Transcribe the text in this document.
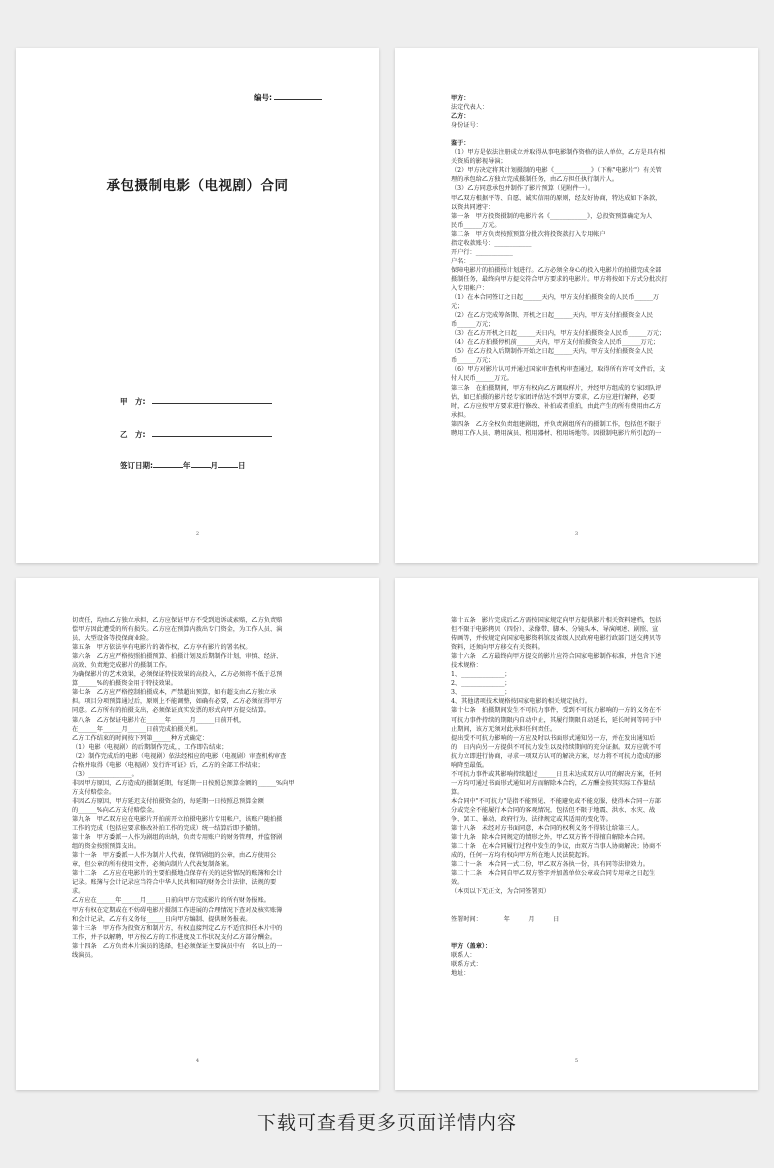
编号:
承包摄制电影（电视剧）合同
甲　方:
乙　方:
签订日期:	年	月	日
2
甲方：
法定代表人：
乙方：
身份证号：

鉴于：
（1）甲方是依法注册成立并取得从事电影制作资格的法人单位，乙方是具有相
关资质的影视导演；
（2）甲方决定将其计划摄制的电影《____________》（下称"电影片"）有关管
理的承包给乙方独立完成摄制任务，由乙方担任执行制片人。
（3）乙方同意承包并制作了影片预算（见附件一）。
甲乙双方根据平等、自愿、诚实信用的原则，经友好协商，特达成如下条款，
以资共同遵守：
第一条　甲方投资摄制的电影片名《____________》，总投资预算确定为人
民币______万元。
第二条　甲方负责按照预算分批次将投资款打入专用帐户
指定收款账号：____________
开户行：____________
户名：____________
保障电影片的拍摄按计划进行。乙方必须全身心的投入电影片的拍摄完成全部
摄制任务，最终向甲方提交符合甲方要求的电影片。甲方将按如下方式分批次打
入专用帐户：
（1）在本合同签订之日起______天内，甲方支付拍摄资金的人民币______万
元；
（2）在乙方完成筹备期、开机之日起______天内，甲方支付拍摄资金人民
币______万元；
（3）在乙方开机之日起______天日内，甲方支付拍摄资金人民币______万元；
（4）在乙方拍摄停机前______天内，甲方支付拍摄资金人民币______万元；
（5）在乙方投入后期制作开始之日起______天内，甲方支付拍摄资金人民
币______万元；
（6）甲方对影片认可并通过国家审查机构审查通过，取得所有许可文件后，支
付人民币______万元。
第三条　在拍摄期间，甲方有权向乙方调取样片，并经甲方组成的专家团队评
估，如已拍摄的影片经专家团评估达不到甲方要求，乙方应进行解释，必要
时，乙方应按甲方要求进行修改、补拍或者重拍，由此产生的所有费用由乙方
承担。
第四条　乙方全权负责组建剧组，并负责剧组所有的摄制工作，包括但不限于
聘用工作人员、聘用演员、租用器材、租用场地等。因摄制电影片所引起的一
3
切责任，均由乙方独立承担，乙方应保证甲方不受到追诉或索赔，乙方负责赔
偿甲方因此遭受的所有损失。乙方应在预算内拨出专门资金，为工作人员、演
员、大型设备等投保商业险。
第五条　甲方依法享有电影片的著作权，乙方享有影片的署名权。
第六条　乙方应严格按照拍摄预算、拍摄计划及后期制作计划，审慎、经济、
高效、负责地完成影片的摄制工作。
为确保影片的艺术效果，必须保证特技效果的高投入，乙方必须将不低于总预
算______%的拍摄资金用于特技效果。
第七条　乙方应严格控制拍摄成本，严禁超出预算，如有超支由乙方独立承
担。项目分项预算通过后，原则上不能调整，如确有必要，乙方必须征得甲方
同意。乙方所有的拍摄支出，必须保证真实发票的形式向甲方提交结算。
第八条　乙方保证电影片在______年______月______日前开机，
在______年______月______日前完成拍摄关机。
乙方工作结束的时间按下列第______种方式确定：
（1）电影（电视剧）的后期制作完成，，工作即告结束；
（2）制作完成后的电影（电视剧）依法经相应的电影（电视剧）审查机构审查
合格并取得《电影（电视剧）发行许可证》后，乙方的全部工作结束；
（3）______________。
非因甲方原因，乙方造成的摄制延期，每延期一日按照总预算金额的______%向甲
方支付赔偿金。
非因乙方原因，甲方延迟支付拍摄资金的，每延期一日按照总预算金额
的______%向乙方支付赔偿金。
第九条　甲乙双方应在电影片开拍前开立拍摄电影片专用帐户，该账户随拍摄
工作的完成（包括应要求修改补拍工作的完成）统一结算后即予撤销。
第十条　甲方委派一人作为剧组的出纳，负责专用账户的财务管理，并监督剧
组的资金按照预算支出。
第十一条　甲方委派一人作为制片人代表，保管剧组的公章，由乙方使用公
章，但公章的所有使用文件，必须向制片人代表复制备案。
第十二条　乙方应在电影片的主要拍摄地点保存有关的运营情况的账簿和会计
记录。账簿与会计记录应当符合中华人民共和国的财务会计法律、法规的要
求。
乙方应在______年______月______日前向甲方完成影片的所有财务报账。
甲方有权在定期或在不妨碍电影片摄制工作进展的合理情况下查对及核实账簿
和会计记录，乙方有义务每______日向甲方编制、提供财务报表。
第十三条　甲方作为投资方和制片方，有权直接判定乙方不适宜担任本片中的
工作，并予以解聘，甲方按乙方的工作进度及工作状况支付乙方部分酬金。
第十四条　乙方负责本片演员的选择，但必须保证主要演员中有　名以上的一
线演员。
4
第十五条　影片完成后乙方需按国家规定向甲方提供影片相关资料建档，包括
但不限于电影拷贝（四份）、录像带、脚本、分镜头本、导演阐述、剧照、宣
传画等，并按规定向国家电影资料馆及省级人民政府电影行政部门送交拷贝等
资料，还须向甲方移交有关资料。
第十六条　乙方最终向甲方提交的影片应符合国家电影制作标准，并包含下述
技术规格：
1、______________；
2、______________；
3、______________；
4、其他诸项技术规格按国家电影的相关规定执行。
第十七条　拍摄期间发生不可抗力事件，受到不可抗力影响的一方的义务在不
可抗力事件持续的期限内自动中止，其履行期限自动延长，延长时间等同于中
止期间，该方无须对此承担任何责任。
提出受不可抗力影响的一方应及时以书面形式通知另一方，并在发出通知后
的　日内向另一方提供不可抗力发生以及持续期间的充分证据。双方应就不可
抗力立即进行协商，寻求一项双方认可的解决方案，尽力将不可抗力造成的影
响降至最低。
不可抗力事件或其影响持续超过______日且未达成双方认可的解决方案，任何
一方均可通过书面形式通知对方而解除本合约，乙方酬金按其实际工作量结
算。
本合同中"不可抗力"是指不能预见、不能避免或不能克服，使得本合同一方部
分或完全不能履行本合同的客观情况，包括但不限于地震、洪水、水灾、战
争、罢工、暴动、政府行为、法律规定或其适用的变化等。
第十八条　未经对方书面同意，本合同的权利义务不得转让给第三人。
第十九条　除本合同规定的情形之外，甲乙双方皆不得擅自解除本合同。
第二十条　在本合同履行过程中发生的争议，由双方当事人协商解决；协商不
成的，任何一方均有权向甲方所在地人民法院起诉。
第二十一条　本合同一式二份，甲乙双方各执一份，具有同等法律效力。
第二十二条　本合同自甲乙双方签字并加盖单位公章或合同专用章之日起生
效。
（本页以下无正文，为合同签署页）

签署时间：　　　　年　　　月　　　日

甲方（盖章）：
联系人：
联系方式：
地址：
5
下载可查看更多页面详情内容
